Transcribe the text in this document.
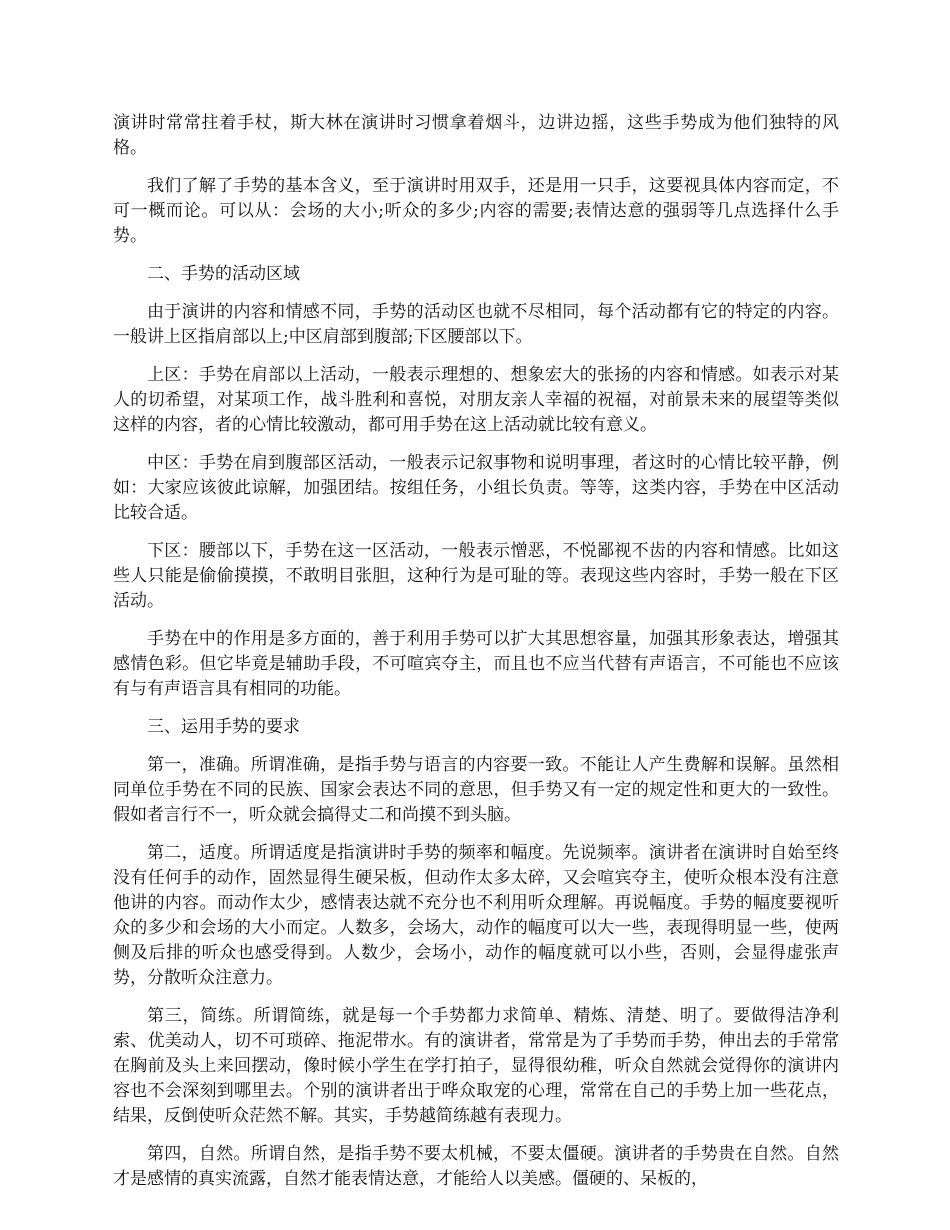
演讲时常常拄着手杖，斯大林在演讲时习惯拿着烟斗，边讲边摇，这些手势成为他们独特的风格。

我们了解了手势的基本含义，至于演讲时用双手，还是用一只手，这要视具体内容而定，不可一概而论。可以从：会场的大小;听众的多少;内容的需要;表情达意的强弱等几点选择什么手势。

二、手势的活动区域

由于演讲的内容和情感不同，手势的活动区也就不尽相同，每个活动都有它的特定的内容。一般讲上区指肩部以上;中区肩部到腹部;下区腰部以下。

上区：手势在肩部以上活动，一般表示理想的、想象宏大的张扬的内容和情感。如表示对某人的切希望，对某项工作，战斗胜利和喜悦，对朋友亲人幸福的祝福，对前景未来的展望等类似这样的内容，者的心情比较激动，都可用手势在这上活动就比较有意义。

中区：手势在肩到腹部区活动，一般表示记叙事物和说明事理，者这时的心情比较平静，例如：大家应该彼此谅解，加强团结。按组任务，小组长负责。等等，这类内容，手势在中区活动比较合适。

下区：腰部以下，手势在这一区活动，一般表示憎恶，不悦鄙视不齿的内容和情感。比如这些人只能是偷偷摸摸，不敢明目张胆，这种行为是可耻的等。表现这些内容时，手势一般在下区活动。

手势在中的作用是多方面的，善于利用手势可以扩大其思想容量，加强其形象表达，增强其感情色彩。但它毕竟是辅助手段，不可喧宾夺主，而且也不应当代替有声语言，不可能也不应该有与有声语言具有相同的功能。

三、运用手势的要求

第一，准确。所谓准确，是指手势与语言的内容要一致。不能让人产生费解和误解。虽然相同单位手势在不同的民族、国家会表达不同的意思，但手势又有一定的规定性和更大的一致性。假如者言行不一，听众就会搞得丈二和尚摸不到头脑。

第二，适度。所谓适度是指演讲时手势的频率和幅度。先说频率。演讲者在演讲时自始至终没有任何手的动作，固然显得生硬呆板，但动作太多太碎，又会喧宾夺主，使听众根本没有注意他讲的内容。而动作太少，感情表达就不充分也不利用听众理解。再说幅度。手势的幅度要视听众的多少和会场的大小而定。人数多，会场大，动作的幅度可以大一些，表现得明显一些，使两侧及后排的听众也感受得到。人数少，会场小，动作的幅度就可以小些，否则，会显得虚张声势，分散听众注意力。

第三，简练。所谓简练，就是每一个手势都力求简单、精炼、清楚、明了。要做得洁净利索、优美动人，切不可琐碎、拖泥带水。有的演讲者，常常是为了手势而手势，伸出去的手常常在胸前及头上来回摆动，像时候小学生在学打拍子，显得很幼稚，听众自然就会觉得你的演讲内容也不会深刻到哪里去。个别的演讲者出于哗众取宠的心理，常常在自己的手势上加一些花点，结果，反倒使听众茫然不解。其实，手势越简练越有表现力。

第四，自然。所谓自然，是指手势不要太机械，不要太僵硬。演讲者的手势贵在自然。自然才是感情的真实流露，自然才能表情达意，才能给人以美感。僵硬的、呆板的，
